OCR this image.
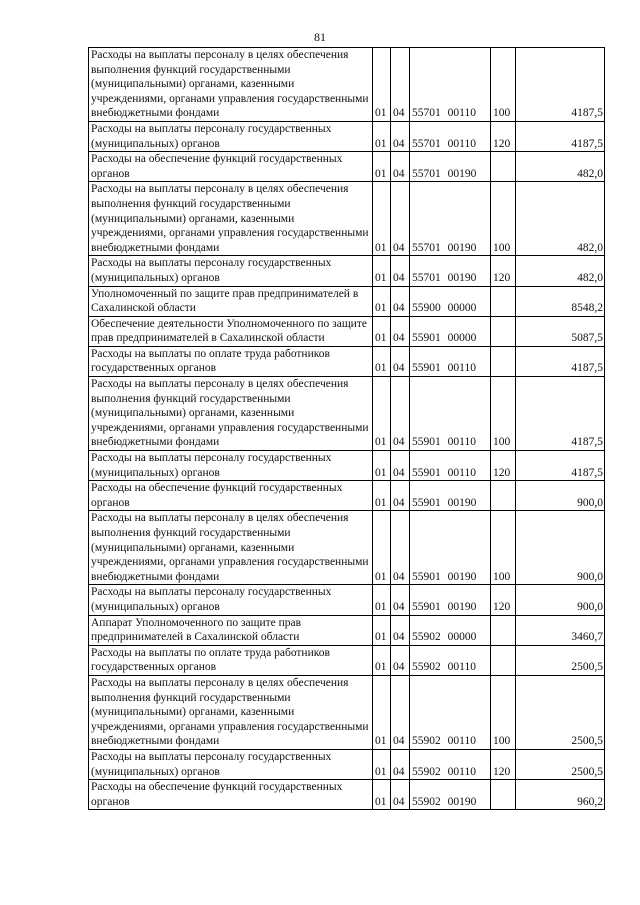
81
Расходы на выплаты персоналу в целях обеспечения выполнения функций государственными (муниципальными) органами, казенными учреждениями, органами управления государственными внебюджетными фондами	01	04	55701 00110	100	4187,5
Расходы на выплаты персоналу государственных (муниципальных) органов	01	04	55701 00110	120	4187,5
Расходы на обеспечение функций государственных органов	01	04	55701 00190		482,0
Расходы на выплаты персоналу в целях обеспечения выполнения функций государственными (муниципальными) органами, казенными учреждениями, органами управления государственными внебюджетными фондами	01	04	55701 00190	100	482,0
Расходы на выплаты персоналу государственных (муниципальных) органов	01	04	55701 00190	120	482,0
Уполномоченный по защите прав предпринимателей в Сахалинской области	01	04	55900 00000		8548,2
Обеспечение деятельности Уполномоченного по защите прав предпринимателей в Сахалинской области	01	04	55901 00000		5087,5
Расходы на выплаты по оплате труда работников государственных органов	01	04	55901 00110		4187,5
Расходы на выплаты персоналу в целях обеспечения выполнения функций государственными (муниципальными) органами, казенными учреждениями, органами управления государственными внебюджетными фондами	01	04	55901 00110	100	4187,5
Расходы на выплаты персоналу государственных (муниципальных) органов	01	04	55901 00110	120	4187,5
Расходы на обеспечение функций государственных органов	01	04	55901 00190		900,0
Расходы на выплаты персоналу в целях обеспечения выполнения функций государственными (муниципальными) органами, казенными учреждениями, органами управления государственными внебюджетными фондами	01	04	55901 00190	100	900,0
Расходы на выплаты персоналу государственных (муниципальных) органов	01	04	55901 00190	120	900,0
Аппарат Уполномоченного по защите прав предпринимателей в Сахалинской области	01	04	55902 00000		3460,7
Расходы на выплаты по оплате труда работников государственных органов	01	04	55902 00110		2500,5
Расходы на выплаты персоналу в целях обеспечения выполнения функций государственными (муниципальными) органами, казенными учреждениями, органами управления государственными внебюджетными фондами	01	04	55902 00110	100	2500,5
Расходы на выплаты персоналу государственных (муниципальных) органов	01	04	55902 00110	120	2500,5
Расходы на обеспечение функций государственных органов	01	04	55902 00190		960,2
